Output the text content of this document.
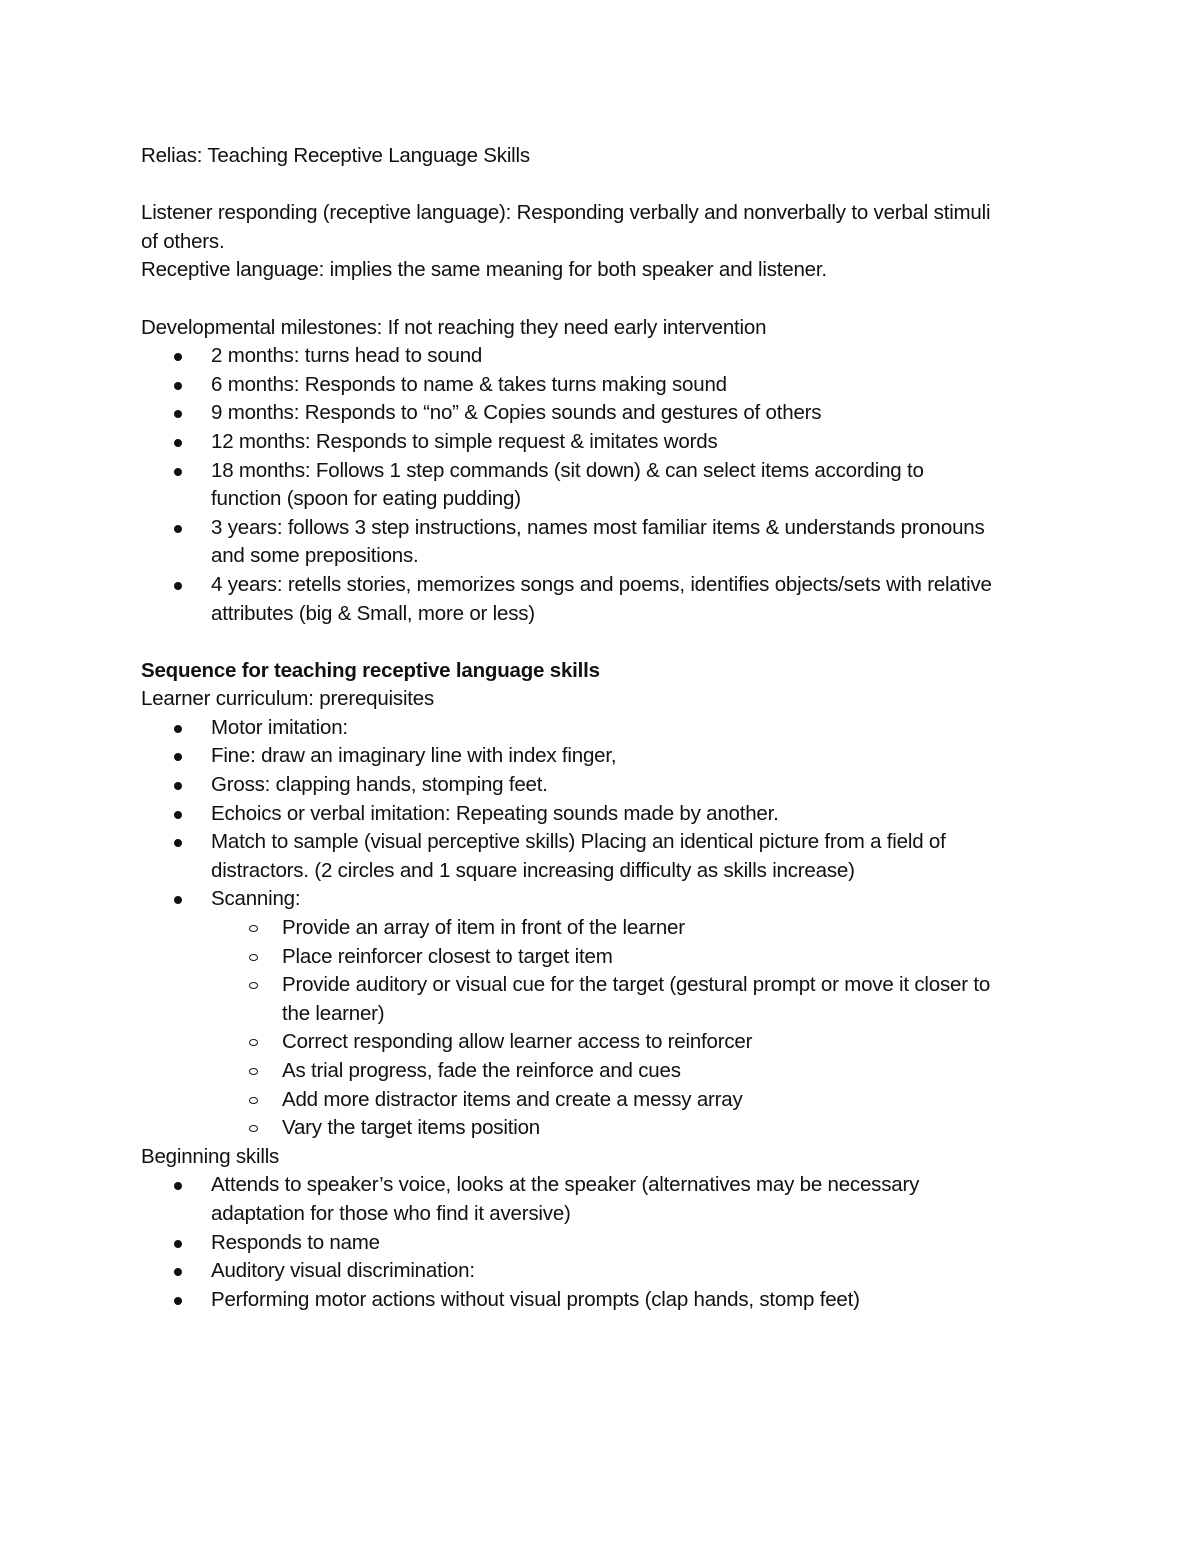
Relias: Teaching Receptive Language Skills

Listener responding (receptive language): Responding verbally and nonverbally to verbal stimuli
of others.

Receptive language: implies the same meaning for both speaker and listener.

Developmental milestones: If not reaching they need early intervention

2 months: turns head to sound
6 months: Responds to name & takes turns making sound
9 months: Responds to “no” & Copies sounds and gestures of others
12 months: Responds to simple request & imitates words
18 months: Follows 1 step commands (sit down) & can select items according to
function (spoon for eating pudding)
3 years: follows 3 step instructions, names most familiar items & understands pronouns
and some prepositions.
4 years: retells stories, memorizes songs and poems, identifies objects/sets with relative
attributes (big & Small, more or less)

Sequence for teaching receptive language skills

Learner curriculum: prerequisites

Motor imitation:
Fine: draw an imaginary line with index finger,
Gross: clapping hands, stomping feet.
Echoics or verbal imitation: Repeating sounds made by another.
Match to sample (visual perceptive skills) Placing an identical picture from a field of
distractors. (2 circles and 1 square increasing difficulty as skills increase)
Scanning:
Provide an array of item in front of the learner
Place reinforcer closest to target item
Provide auditory or visual cue for the target (gestural prompt or move it closer to
the learner)
Correct responding allow learner access to reinforcer
As trial progress, fade the reinforce and cues
Add more distractor items and create a messy array
Vary the target items position

Beginning skills

Attends to speaker’s voice, looks at the speaker (alternatives may be necessary
adaptation for those who find it aversive)
Responds to name
Auditory visual discrimination:
Performing motor actions without visual prompts (clap hands, stomp feet)
